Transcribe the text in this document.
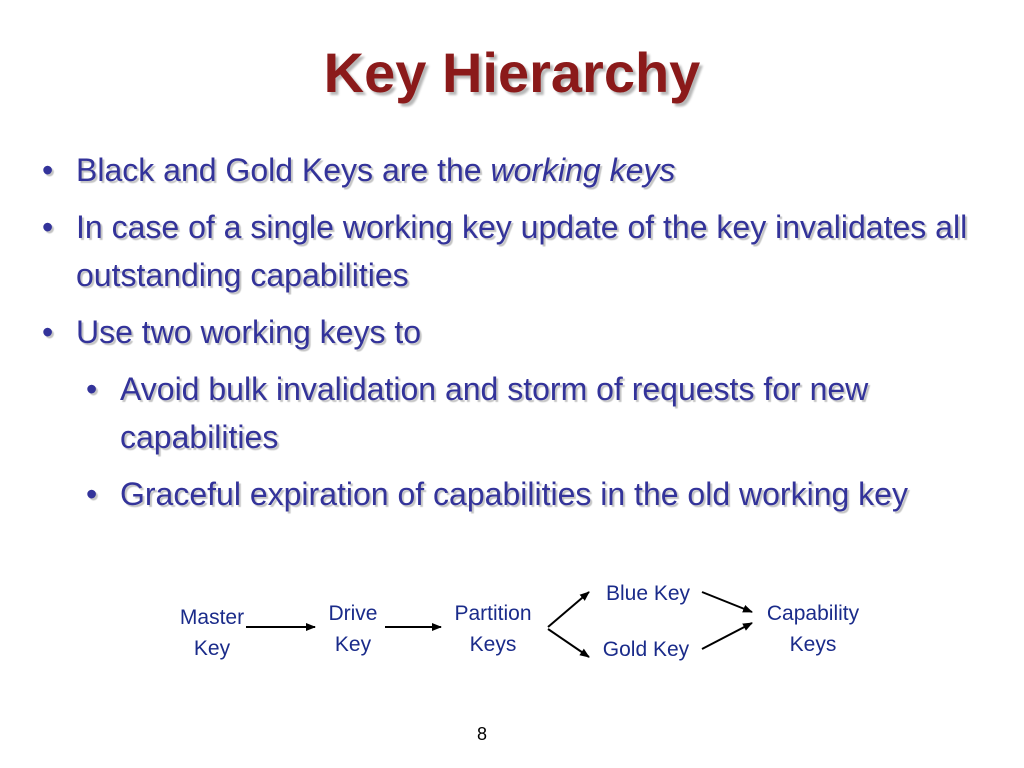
Key Hierarchy
• Black and Gold Keys are the working keys
• In case of a single working key update of the key invalidates all outstanding capabilities
• Use two working keys to
• Avoid bulk invalidation and storm of requests for new capabilities
• Graceful expiration of capabilities in the old working key
Master
Key
Drive
Key
Partition
Keys
Blue Key
Gold Key
Capability
Keys
8
